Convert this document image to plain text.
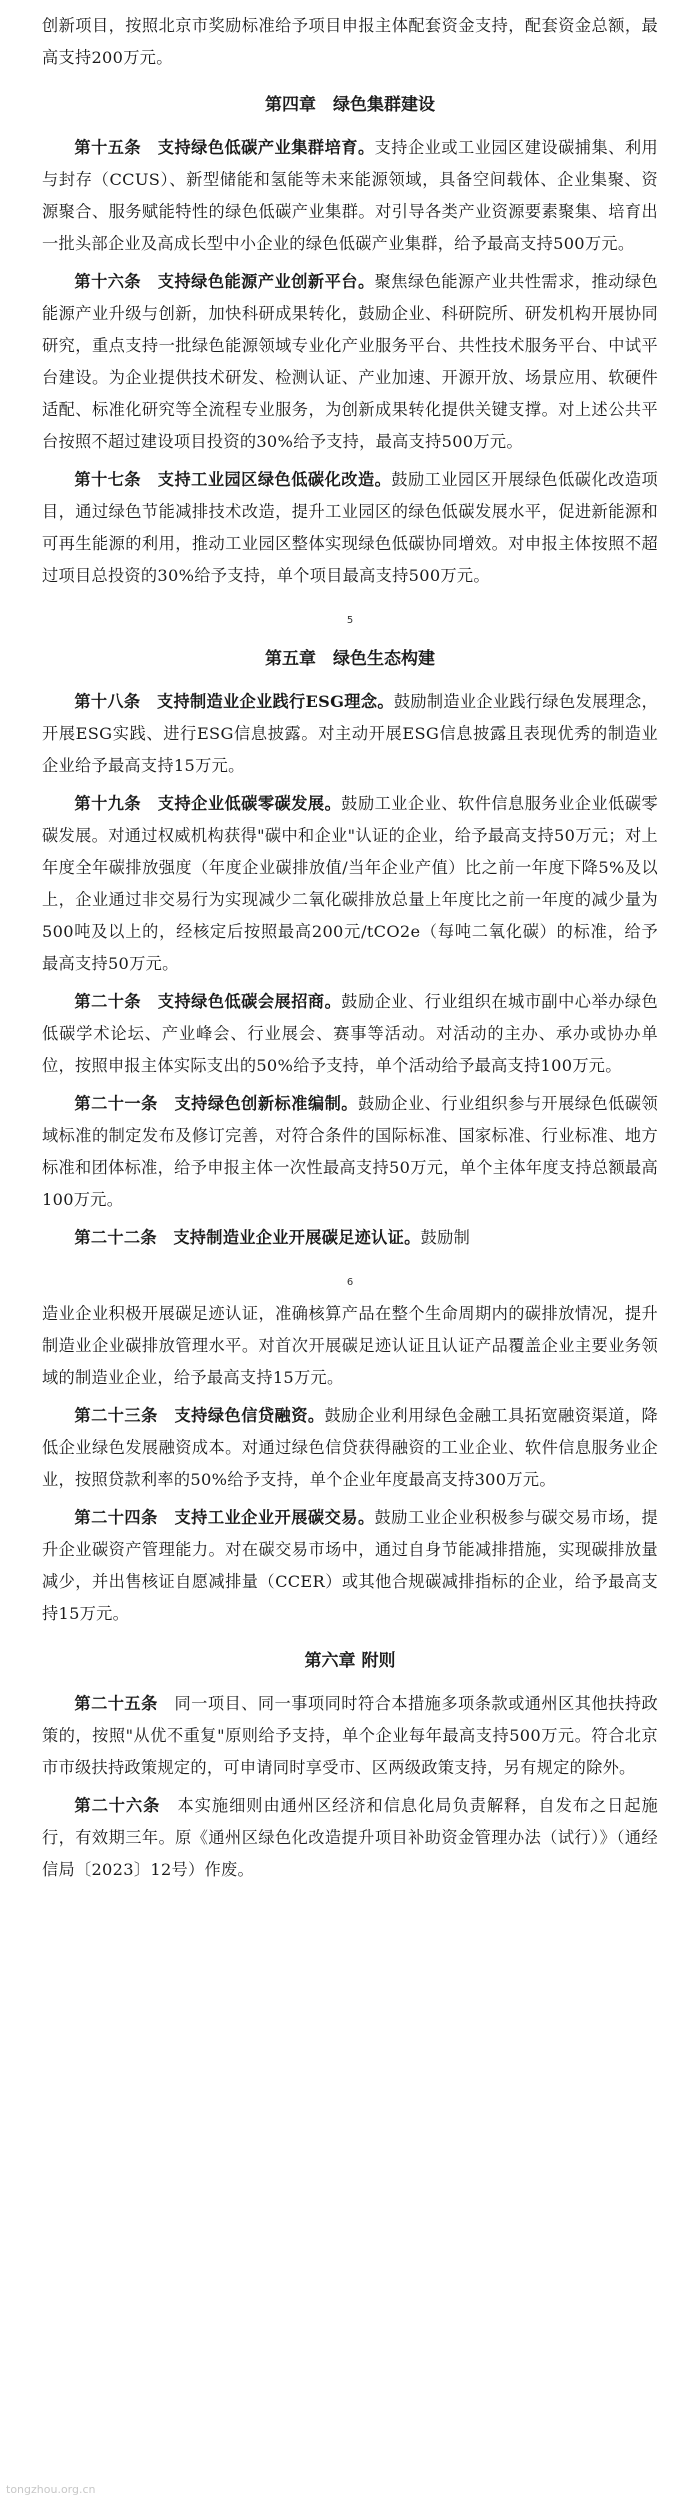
创新项目，按照北京市奖励标准给予项目申报主体配套资金支持，配套资金总额，最高支持200万元。

第四章　绿色集群建设

第十五条　支持绿色低碳产业集群培育。支持企业或工业园区建设碳捕集、利用与封存（CCUS）、新型储能和氢能等未来能源领域，具备空间载体、企业集聚、资源聚合、服务赋能特性的绿色低碳产业集群。对引导各类产业资源要素聚集、培育出一批头部企业及高成长型中小企业的绿色低碳产业集群，给予最高支持500万元。

第十六条　支持绿色能源产业创新平台。聚焦绿色能源产业共性需求，推动绿色能源产业升级与创新，加快科研成果转化，鼓励企业、科研院所、研发机构开展协同研究，重点支持一批绿色能源领域专业化产业服务平台、共性技术服务平台、中试平台建设。为企业提供技术研发、检测认证、产业加速、开源开放、场景应用、软硬件适配、标准化研究等全流程专业服务，为创新成果转化提供关键支撑。对上述公共平台按照不超过建设项目投资的30%给予支持，最高支持500万元。

第十七条　支持工业园区绿色低碳化改造。鼓励工业园区开展绿色低碳化改造项目，通过绿色节能减排技术改造，提升工业园区的绿色低碳发展水平，促进新能源和可再生能源的利用，推动工业园区整体实现绿色低碳协同增效。对申报主体按照不超过项目总投资的30%给予支持，单个项目最高支持500万元。

5
第五章　绿色生态构建

第十八条　支持制造业企业践行ESG理念。鼓励制造业企业践行绿色发展理念，开展ESG实践、进行ESG信息披露。对主动开展ESG信息披露且表现优秀的制造业企业给予最高支持15万元。

第十九条　支持企业低碳零碳发展。鼓励工业企业、软件信息服务业企业低碳零碳发展。对通过权威机构获得"碳中和企业"认证的企业，给予最高支持50万元；对上年度全年碳排放强度（年度企业碳排放值/当年企业产值）比之前一年度下降5%及以上，企业通过非交易行为实现减少二氧化碳排放总量上年度比之前一年度的减少量为500吨及以上的，经核定后按照最高200元/tCO2e（每吨二氧化碳）的标准，给予最高支持50万元。

第二十条　支持绿色低碳会展招商。鼓励企业、行业组织在城市副中心举办绿色低碳学术论坛、产业峰会、行业展会、赛事等活动。对活动的主办、承办或协办单位，按照申报主体实际支出的50%给予支持，单个活动给予最高支持100万元。

第二十一条　支持绿色创新标准编制。鼓励企业、行业组织参与开展绿色低碳领域标准的制定发布及修订完善，对符合条件的国际标准、国家标准、行业标准、地方标准和团体标准，给予申报主体一次性最高支持50万元，单个主体年度支持总额最高100万元。

第二十二条　支持制造业企业开展碳足迹认证。鼓励制

6

造业企业积极开展碳足迹认证，准确核算产品在整个生命周期内的碳排放情况，提升制造业企业碳排放管理水平。对首次开展碳足迹认证且认证产品覆盖企业主要业务领域的制造业企业，给予最高支持15万元。

第二十三条　支持绿色信贷融资。鼓励企业利用绿色金融工具拓宽融资渠道，降低企业绿色发展融资成本。对通过绿色信贷获得融资的工业企业、软件信息服务业企业，按照贷款利率的50%给予支持，单个企业年度最高支持300万元。

第二十四条　支持工业企业开展碳交易。鼓励工业企业积极参与碳交易市场，提升企业碳资产管理能力。对在碳交易市场中，通过自身节能减排措施，实现碳排放量减少，并出售核证自愿减排量（CCER）或其他合规碳减排指标的企业，给予最高支持15万元。

第六章 附则

第二十五条　同一项目、同一事项同时符合本措施多项条款或通州区其他扶持政策的，按照"从优不重复"原则给予支持，单个企业每年最高支持500万元。符合北京市市级扶持政策规定的，可申请同时享受市、区两级政策支持，另有规定的除外。

第二十六条　本实施细则由通州区经济和信息化局负责解释，自发布之日起施行，有效期三年。原《通州区绿色化改造提升项目补助资金管理办法（试行）》（通经信局〔2023〕12号）作废。

tongzhou.org.cn
